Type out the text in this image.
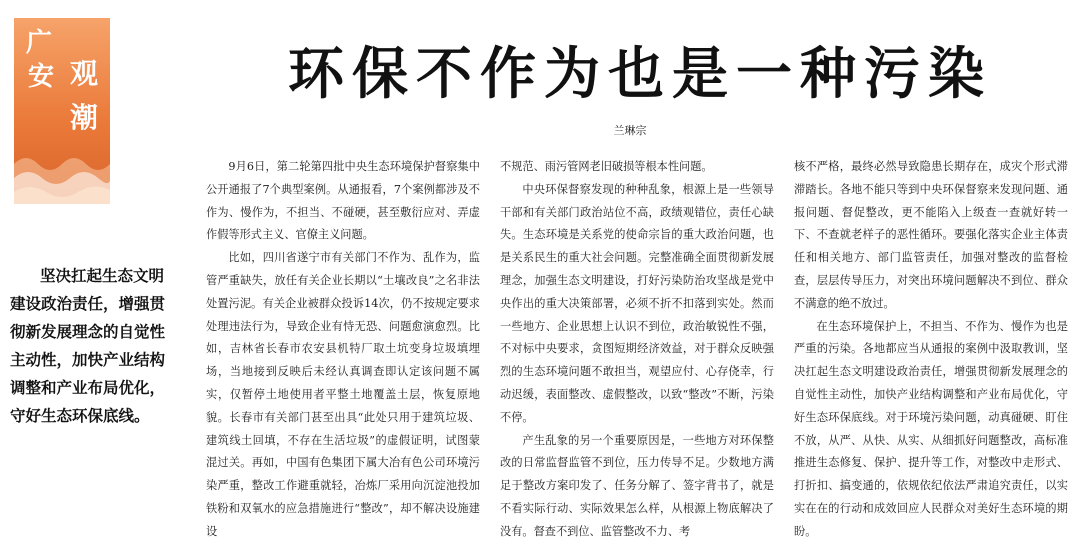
广
安 观
潮
环保不作为也是一种污染
兰琳宗
坚决扛起生态文明建设政治责任，增强贯彻新发展理念的自觉性主动性，加快产业结构调整和产业布局优化，守好生态环保底线。

9月6日，第二轮第四批中央生态环境保护督察集中公开通报了7个典型案例。从通报看，7个案例都涉及不作为、慢作为，不担当、不碰硬，甚至敷衍应对、弄虚作假等形式主义、官僚主义问题。

比如，四川省遂宁市有关部门不作为、乱作为，监管严重缺失，放任有关企业长期以“土壤改良”之名非法处置污泥。有关企业被群众投诉14次，仍不按规定要求处理违法行为，导致企业有恃无恐、问题愈演愈烈。比如，吉林省长春市农安县机特厂取土坑变身垃圾填埋场，当地接到反映后未经认真调查即认定该问题不属实，仅暂停土地使用者平整土地覆盖土层，恢复原地貌。长春市有关部门甚至出具“此处只用于建筑垃圾、建筑线土回填，不存在生活垃圾”的虚假证明，试图蒙混过关。再如，中国有色集团下属大冶有色公司环境污染严重，整改工作避重就轻，冶炼厂采用向沉淀池投加铁粉和双氧水的应急措施进行“整改”，却不解决设施建设

不规范、雨污管网老旧破损等根本性问题。

中央环保督察发现的种种乱象，根源上是一些领导干部和有关部门政治站位不高，政绩观错位，责任心缺失。生态环境是关系党的使命宗旨的重大政治问题，也是关系民生的重大社会问题。完整准确全面贯彻新发展理念，加强生态文明建设，打好污染防治攻坚战是党中央作出的重大决策部署，必须不折不扣落到实处。然而一些地方、企业思想上认识不到位，政治敏锐性不强，不对标中央要求，贪图短期经济效益，对于群众反映强烈的生态环境问题不敢担当，观望应付、心存侥幸，行动迟缓，表面整改、虚假整改，以致“整改”不断，污染不停。

产生乱象的另一个重要原因是，一些地方对环保整改的日常监督监管不到位，压力传导不足。少数地方满足于整改方案印发了、任务分解了、签字背书了，就是不看实际行动、实际效果怎么样，从根源上物底解决了没有。督查不到位、监管整改不力、考

核不严格，最终必然导致隐患长期存在，成灾个形式滞滞踏长。各地不能只等到中央环保督察来发现问题、通报问题、督促整改，更不能陷入上级查一查就好转一下、不查就老样子的恶性循环。要强化落实企业主体责任和相关地方、部门监管责任，加强对整改的监督检查，层层传导压力，对突出环境问题解决不到位、群众不满意的绝不放过。

在生态环境保护上，不担当、不作为、慢作为也是严重的污染。各地都应当从通报的案例中汲取教训，坚决扛起生态文明建设政治责任，增强贯彻新发展理念的自觉性主动性，加快产业结构调整和产业布局优化，守好生态环保底线。对于环境污染问题，动真碰硬、盯住不放，从严、从快、从实、从细抓好问题整改，高标准推进生态修复、保护、提升等工作，对整改中走形式、打折扣、搞变通的，依规依纪依法严肃追究责任，以实实在在的行动和成效回应人民群众对美好生态环境的期盼。
